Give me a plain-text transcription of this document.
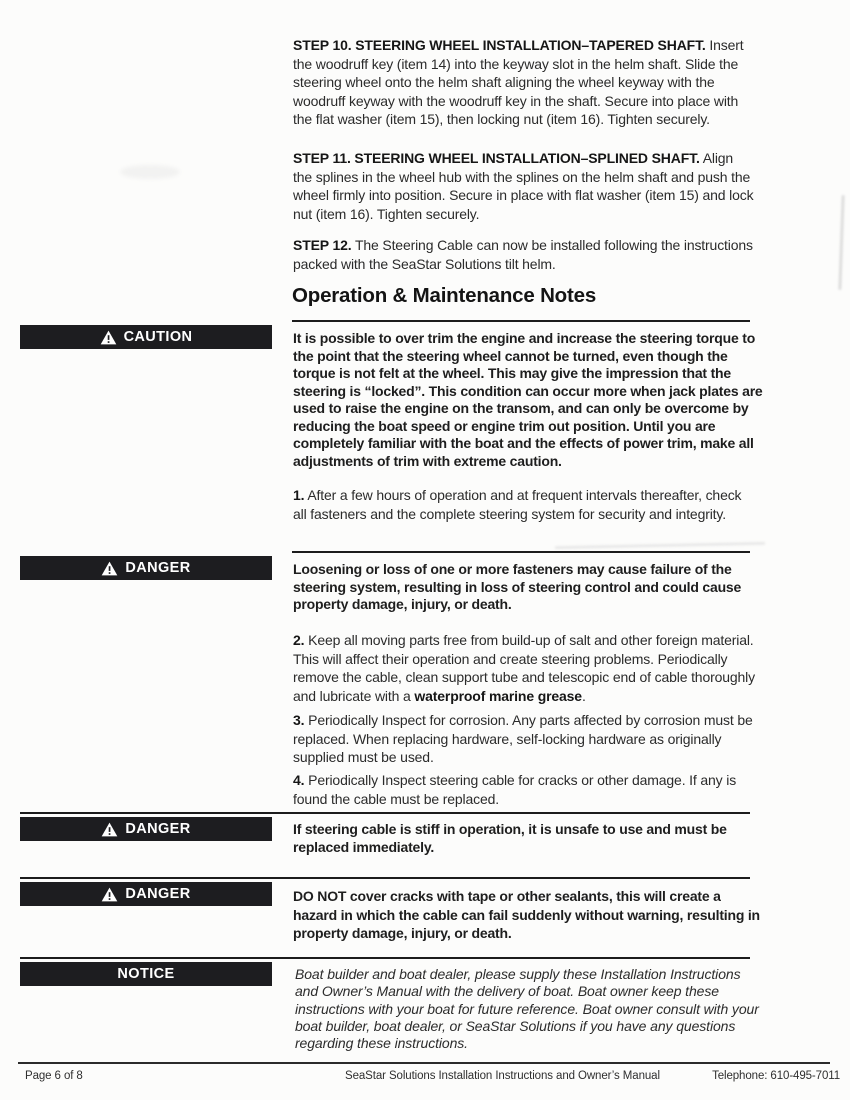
STEP 10. STEERING WHEEL INSTALLATION–TAPERED SHAFT. Insert the woodruff key (item 14) into the keyway slot in the helm shaft. Slide the steering wheel onto the helm shaft aligning the wheel keyway with the woodruff keyway with the woodruff key in the shaft. Secure into place with the flat washer (item 15), then locking nut (item 16). Tighten securely.

STEP 11. STEERING WHEEL INSTALLATION–SPLINED SHAFT. Align the splines in the wheel hub with the splines on the helm shaft and push the wheel firmly into position. Secure in place with flat washer (item 15) and lock nut (item 16). Tighten securely.

STEP 12. The Steering Cable can now be installed following the instructions packed with the SeaStar Solutions tilt helm.

Operation & Maintenance Notes
CAUTION	It is possible to over trim the engine and increase the steering torque to the point that the steering wheel cannot be turned, even though the torque is not felt at the wheel. This may give the impression that the steering is “locked”. This condition can occur more when jack plates are used to raise the engine on the transom, and can only be overcome by reducing the boat speed or engine trim out position. Until you are completely familiar with the boat and the effects of power trim, make all adjustments of trim with extreme caution.

1. After a few hours of operation and at frequent intervals thereafter, check all fasteners and the complete steering system for security and integrity.

DANGER	Loosening or loss of one or more fasteners may cause failure of the steering system, resulting in loss of steering control and could cause property damage, injury, or death.

2. Keep all moving parts free from build-up of salt and other foreign material. This will affect their operation and create steering problems. Periodically remove the cable, clean support tube and telescopic end of cable thoroughly and lubricate with a waterproof marine grease.

3. Periodically Inspect for corrosion. Any parts affected by corrosion must be replaced. When replacing hardware, self-locking hardware as originally supplied must be used.

4. Periodically Inspect steering cable for cracks or other damage. If any is found the cable must be replaced.

DANGER	If steering cable is stiff in operation, it is unsafe to use and must be replaced immediately.

DANGER	DO NOT cover cracks with tape or other sealants, this will create a hazard in which the cable can fail suddenly without warning, resulting in property damage, injury, or death.

NOTICE	Boat builder and boat dealer, please supply these Installation Instructions and Owner’s Manual with the delivery of boat. Boat owner keep these instructions with your boat for future reference. Boat owner consult with your boat builder, boat dealer, or SeaStar Solutions if you have any questions regarding these instructions.

Page 6 of 8	SeaStar Solutions Installation Instructions and Owner’s Manual	Telephone: 610-495-7011
